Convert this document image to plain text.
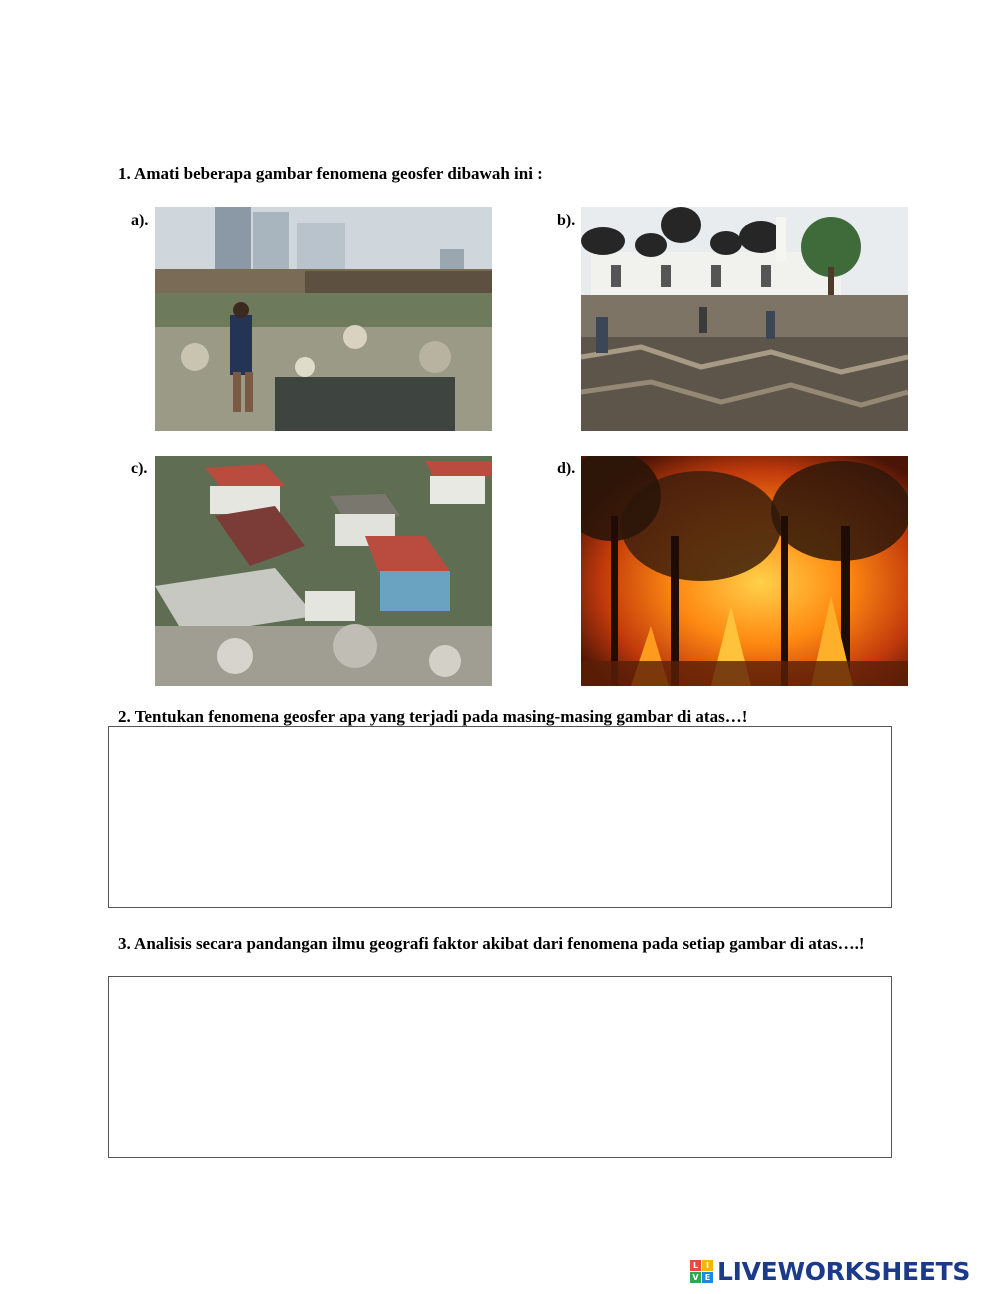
1. Amati beberapa gambar fenomena geosfer dibawah ini :
a).	b).
c).	d).
2. Tentukan fenomena geosfer apa yang terjadi pada masing-masing gambar di atas…!
3. Analisis secara pandangan ilmu geografi faktor akibat dari fenomena pada setiap gambar di atas….!
L I
V E LIVEWORKSHEETS
